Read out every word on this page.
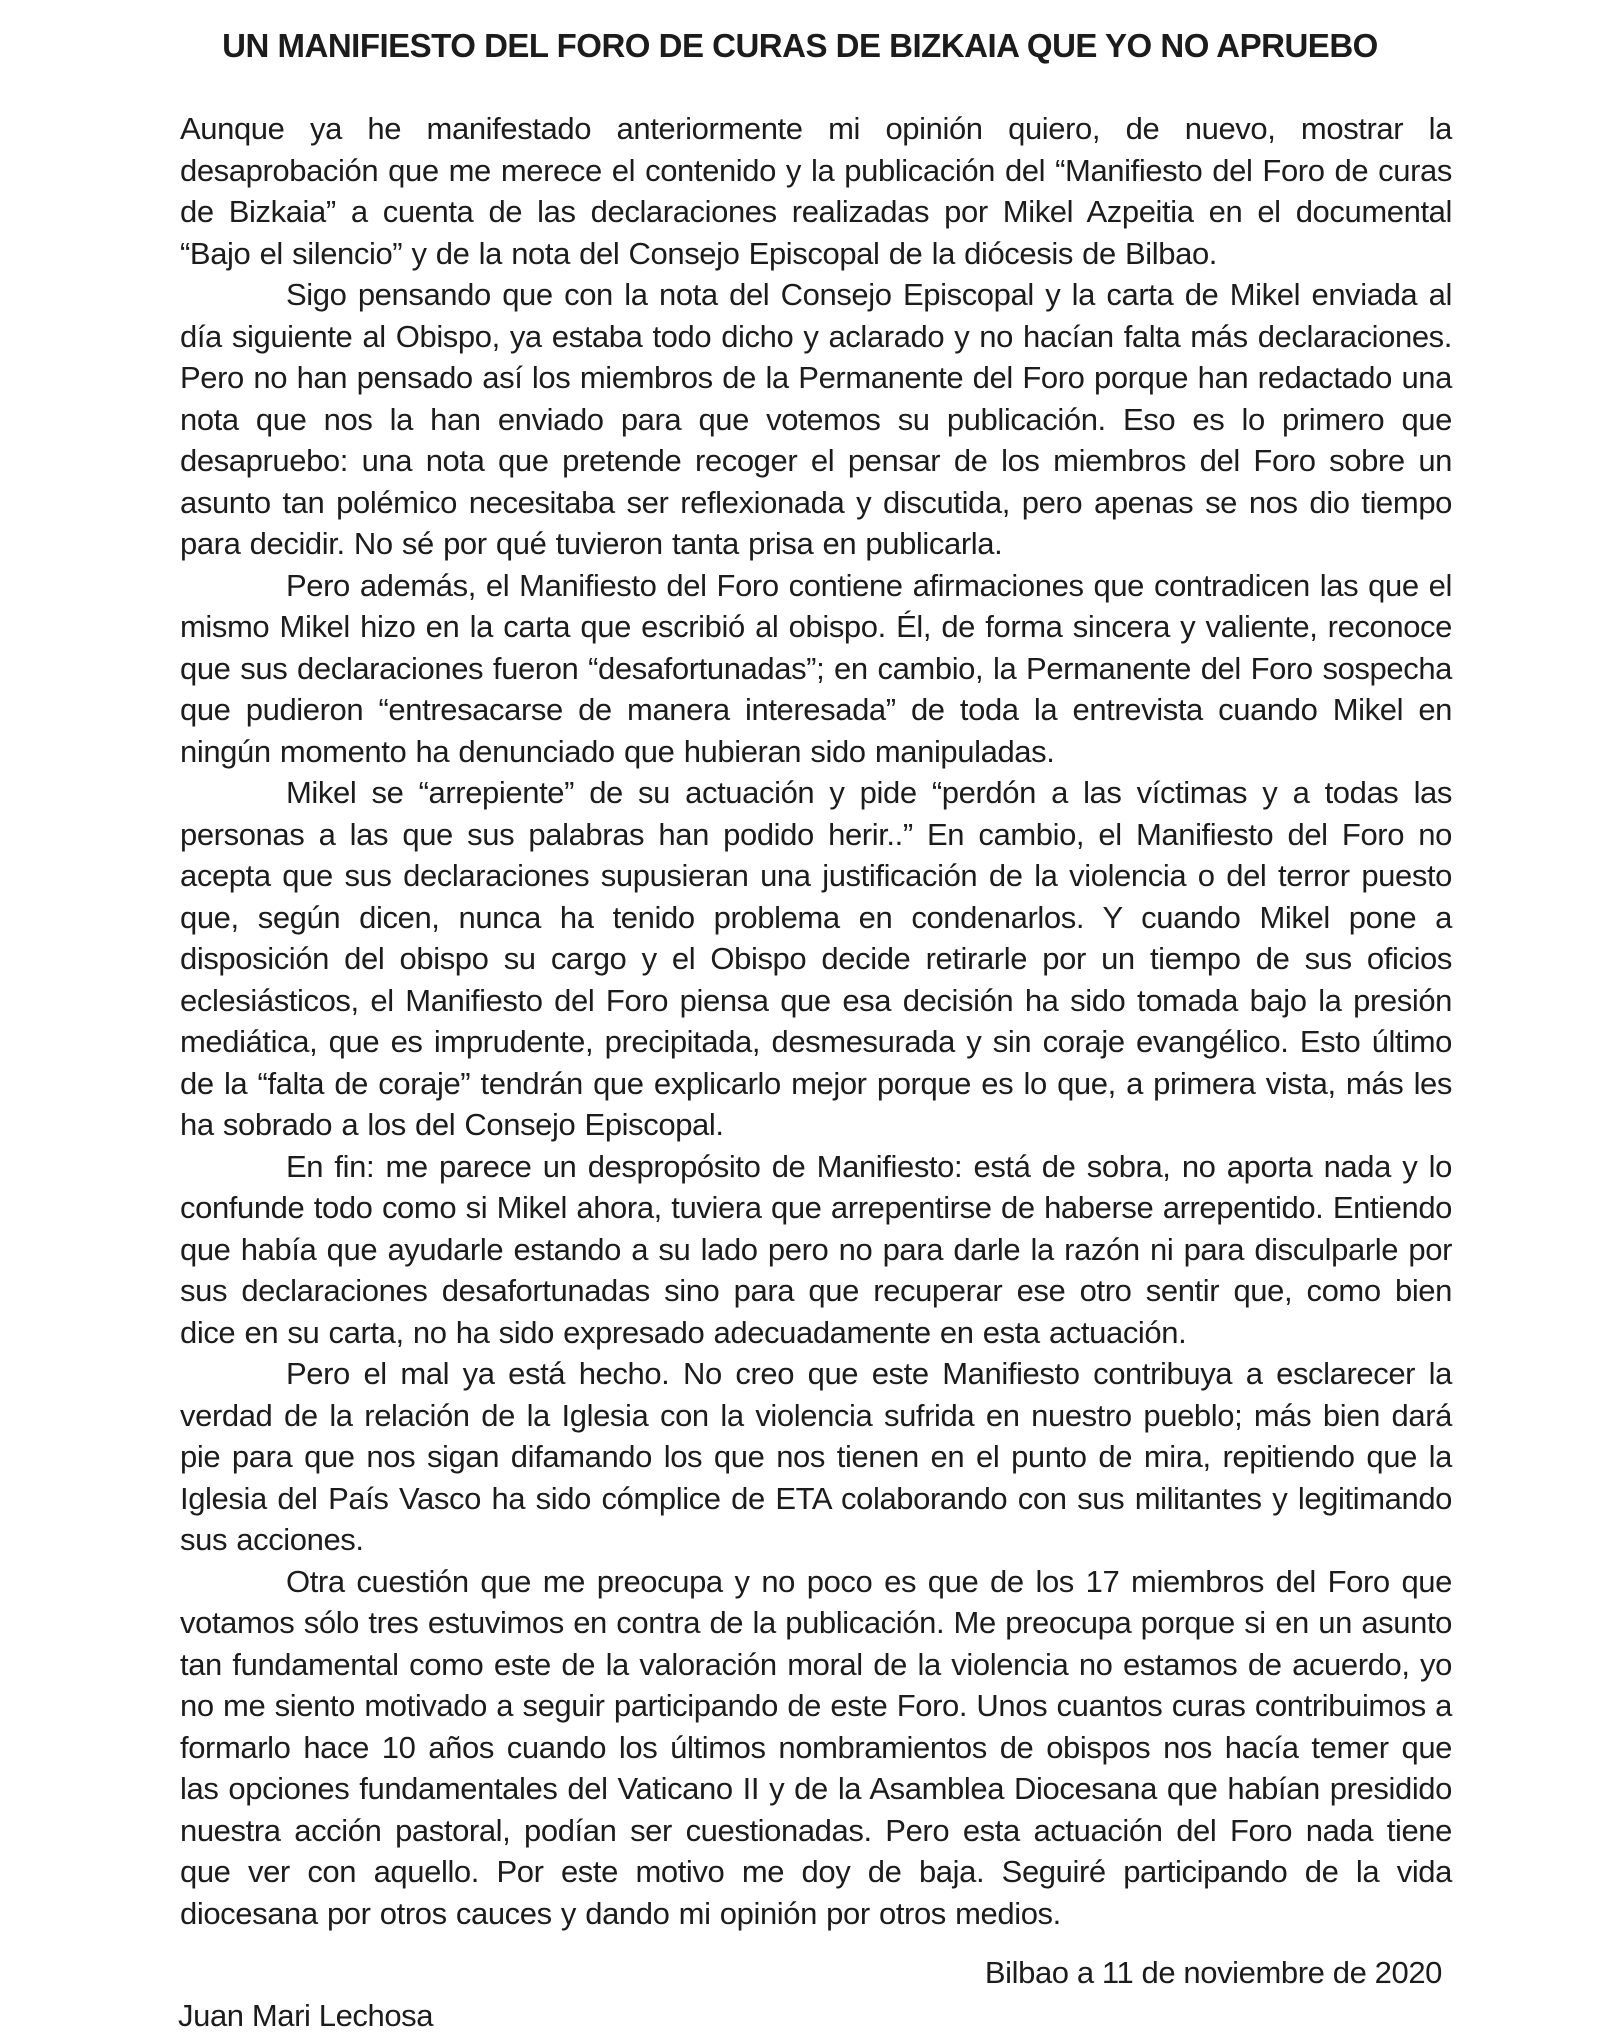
UN MANIFIESTO DEL FORO DE CURAS DE BIZKAIA QUE YO NO APRUEBO

Aunque ya he manifestado anteriormente mi opinión quiero, de nuevo, mostrar la desaprobación que me merece el contenido y la publicación del “Manifiesto del Foro de curas de Bizkaia” a cuenta de las declaraciones realizadas por Mikel Azpeitia en el documental “Bajo el silencio” y de la nota del Consejo Episcopal de la diócesis de Bilbao.

Sigo pensando que con la nota del Consejo Episcopal y la carta de Mikel enviada al día siguiente al Obispo, ya estaba todo dicho y aclarado y no hacían falta más declaraciones. Pero no han pensado así los miembros de la Permanente del Foro porque han redactado una nota que nos la han enviado para que votemos su publicación. Eso es lo primero que desapruebo: una nota que pretende recoger el pensar de los miembros del Foro sobre un asunto tan polémico necesitaba ser reflexionada y discutida, pero apenas se nos dio tiempo para decidir. No sé por qué tuvieron tanta prisa en publicarla.

Pero además, el Manifiesto del Foro contiene afirmaciones que contradicen las que el mismo Mikel hizo en la carta que escribió al obispo. Él, de forma sincera y valiente, reconoce que sus declaraciones fueron “desafortunadas”; en cambio, la Permanente del Foro sospecha que pudieron “entresacarse de manera interesada” de toda la entrevista cuando Mikel en ningún momento ha denunciado que hubieran sido manipuladas.

Mikel se “arrepiente” de su actuación y pide “perdón a las víctimas y a todas las personas a las que sus palabras han podido herir..” En cambio, el Manifiesto del Foro no acepta que sus declaraciones supusieran una justificación de la violencia o del terror puesto que, según dicen, nunca ha tenido problema en condenarlos. Y cuando Mikel pone a disposición del obispo su cargo y el Obispo decide retirarle por un tiempo de sus oficios eclesiásticos, el Manifiesto del Foro piensa que esa decisión ha sido tomada bajo la presión mediática, que es imprudente, precipitada, desmesurada y sin coraje evangélico. Esto último de la “falta de coraje” tendrán que explicarlo mejor porque es lo que, a primera vista, más les ha sobrado a los del Consejo Episcopal.

En fin: me parece un despropósito de Manifiesto: está de sobra, no aporta nada y lo confunde todo como si Mikel ahora, tuviera que arrepentirse de haberse arrepentido. Entiendo que había que ayudarle estando a su lado pero no para darle la razón ni para disculparle por sus declaraciones desafortunadas sino para que recuperar ese otro sentir que, como bien dice en su carta, no ha sido expresado adecuadamente en esta actuación.

Pero el mal ya está hecho. No creo que este Manifiesto contribuya a esclarecer la verdad de la relación de la Iglesia con la violencia sufrida en nuestro pueblo; más bien dará pie para que nos sigan difamando los que nos tienen en el punto de mira, repitiendo que la Iglesia del País Vasco ha sido cómplice de ETA colaborando con sus militantes y legitimando sus acciones.

Otra cuestión que me preocupa y no poco es que de los 17 miembros del Foro que votamos sólo tres estuvimos en contra de la publicación. Me preocupa porque si en un asunto tan fundamental como este de la valoración moral de la violencia no estamos de acuerdo, yo no me siento motivado a seguir participando de este Foro. Unos cuantos curas contribuimos a formarlo hace 10 años cuando los últimos nombramientos de obispos nos hacía temer que las opciones fundamentales del Vaticano II y de la Asamblea Diocesana que habían presidido nuestra acción pastoral, podían ser cuestionadas. Pero esta actuación del Foro nada tiene que ver con aquello. Por este motivo me doy de baja. Seguiré participando de la vida diocesana por otros cauces y dando mi opinión por otros medios.

Bilbao a 11 de noviembre de 2020

Juan Mari Lechosa
